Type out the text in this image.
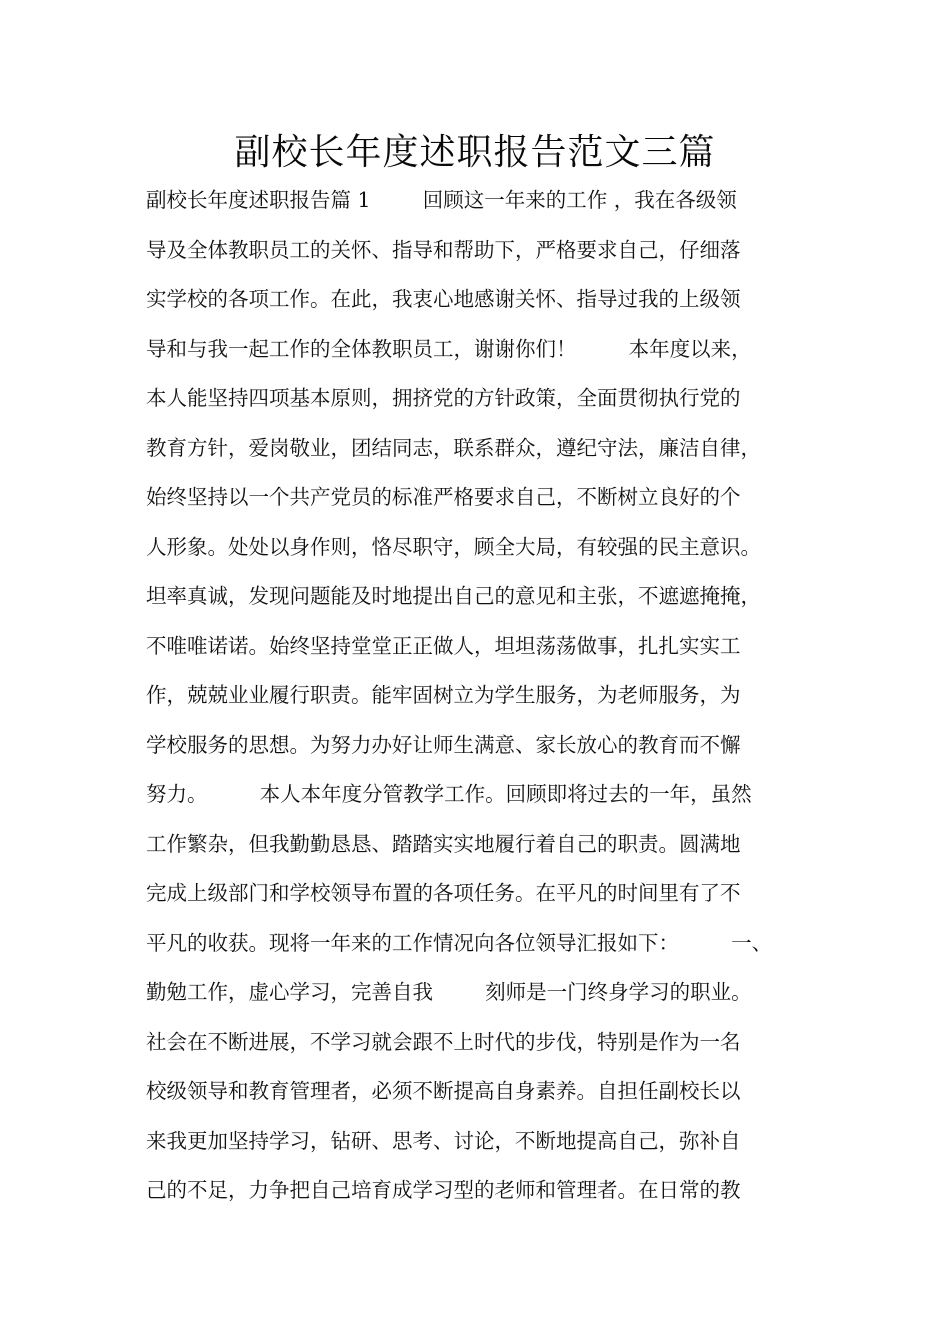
副校长年度述职报告范文三篇
副校长年度述职报告篇 1        回顾这一年来的工作 ，我在各级领
导及全体教职员工的关怀、指导和帮助下，严格要求自己，仔细落
实学校的各项工作。在此，我衷心地感谢关怀、指导过我的上级领
导和与我一起工作的全体教职员工，谢谢你们！        本年度以来，
本人能坚持四项基本原则，拥挤党的方针政策，全面贯彻执行党的
教育方针，爱岗敬业，团结同志，联系群众，遵纪守法，廉洁自律，
始终坚持以一个共产党员的标准严格要求自己，不断树立良好的个
人形象。处处以身作则，恪尽职守，顾全大局，有较强的民主意识。
坦率真诚，发现问题能及时地提出自己的意见和主张，不遮遮掩掩，
不唯唯诺诺。始终坚持堂堂正正做人，坦坦荡荡做事，扎扎实实工
作，兢兢业业履行职责。能牢固树立为学生服务，为老师服务，为
学校服务的思想。为努力办好让师生满意、家长放心的教育而不懈
努力。        本人本年度分管教学工作。回顾即将过去的一年，虽然
工作繁杂，但我勤勤恳恳、踏踏实实地履行着自己的职责。圆满地
完成上级部门和学校领导布置的各项任务。在平凡的时间里有了不
平凡的收获。现将一年来的工作情况向各位领导汇报如下：        一、
勤勉工作，虚心学习，完善自我        刻师是一门终身学习的职业。
社会在不断进展，不学习就会跟不上时代的步伐，特别是作为一名
校级领导和教育管理者，必须不断提高自身素养。自担任副校长以
来我更加坚持学习，钻研、思考、讨论，不断地提高自己，弥补自
己的不足，力争把自己培育成学习型的老师和管理者。在日常的教
